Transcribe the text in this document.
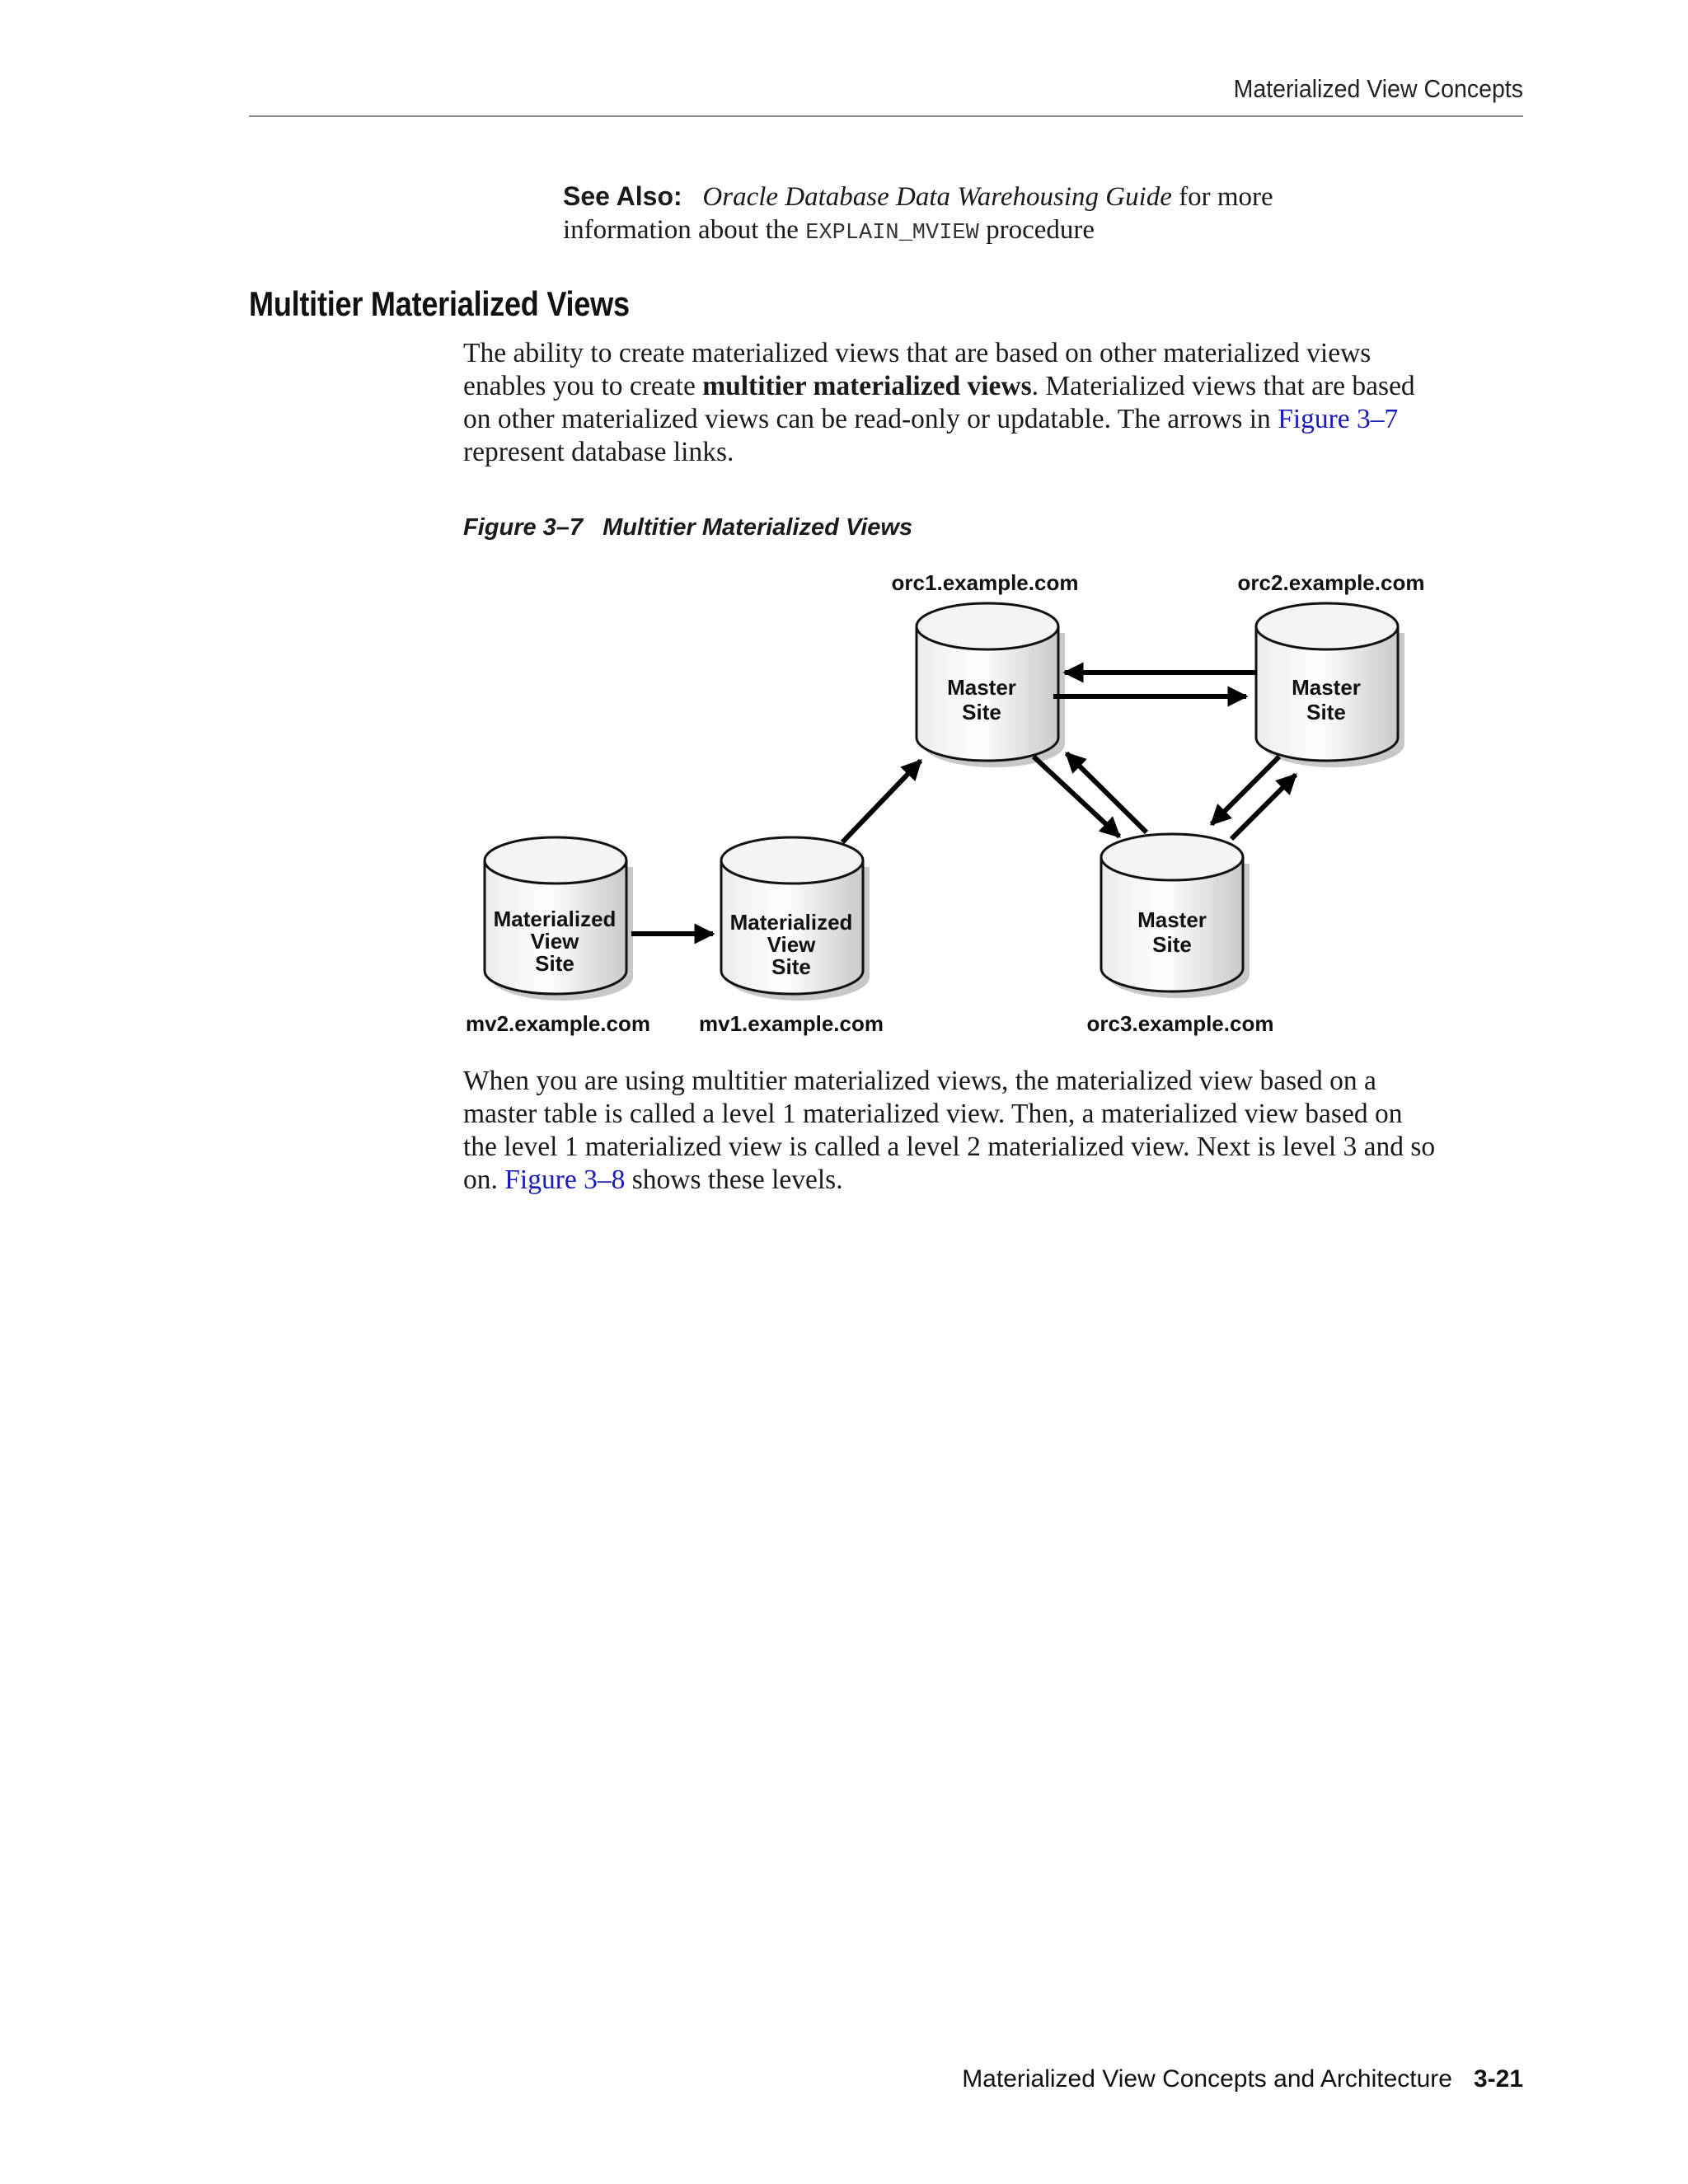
Materialized View Concepts
See Also: Oracle Database Data Warehousing Guide for more
information about the EXPLAIN_MVIEW procedure
Multitier Materialized Views
The ability to create materialized views that are based on other materialized views
enables you to create multitier materialized views. Materialized views that are based
on other materialized views can be read-only or updatable. The arrows in Figure 3–7
represent database links.
Figure 3–7 Multitier Materialized Views
Master
Site
orc1.example.com
Master
Site
orc2.example.com
Master
Site
orc3.example.com
Materialized
View
Site
mv1.example.com
Materialized
View
Site
mv2.example.com
When you are using multitier materialized views, the materialized view based on a
master table is called a level 1 materialized view. Then, a materialized view based on
the level 1 materialized view is called a level 2 materialized view. Next is level 3 and so
on. Figure 3–8 shows these levels.
Materialized View Concepts and Architecture 3-21
